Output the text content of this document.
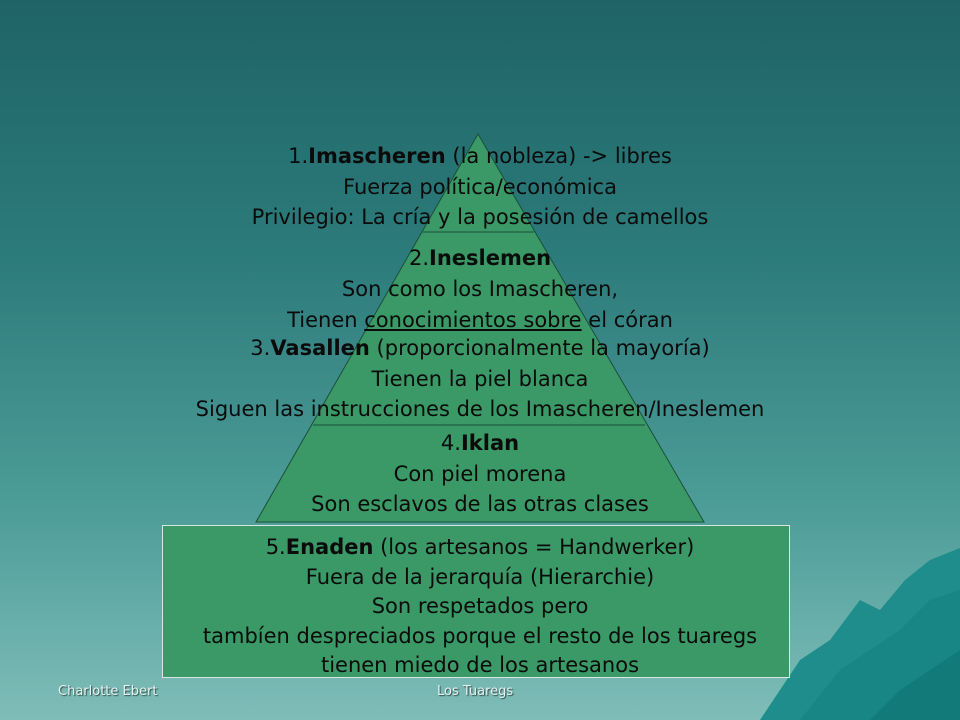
1.Imascheren (la nobleza) -> libres
Fuerza política/económica
Privilegio: La cría y la posesión de camellos
2.Ineslemen
Son como los Imascheren,
Tienen conocimientos sobre el córan
3.Vasallen (proporcionalmente la mayoría)
Tienen la piel blanca
Siguen las instrucciones de los Imascheren/Ineslemen
4.Iklan
Con piel morena
Son esclavos de las otras clases
5.Enaden (los artesanos = Handwerker)
Fuera de la jerarquía (Hierarchie)
Son respetados pero
tambíen despreciados porque el resto de los tuaregs
tienen miedo de los artesanos
Charlotte Ebert	Los Tuaregs
